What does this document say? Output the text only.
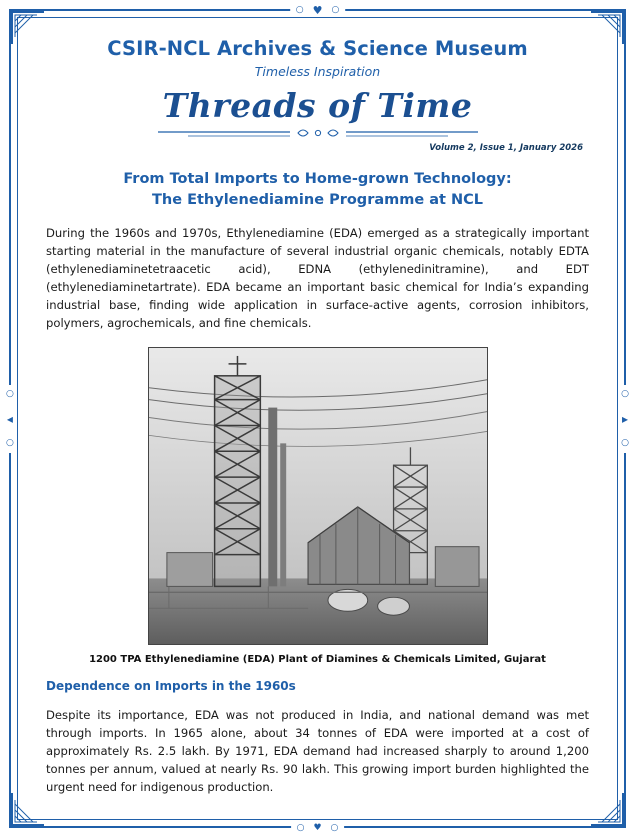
○ ♥ ○
○ ♥ ○
○
◂
○
○
▸
○
CSIR-NCL Archives & Science Museum
Timeless Inspiration
Threads of Time
Volume 2, Issue 1, January 2026
From Total Imports to Home-grown Technology:
The Ethylenediamine Programme at NCL

During the 1960s and 1970s, Ethylenediamine (EDA) emerged as a strategically important starting material in the manufacture of several industrial organic chemicals, notably EDTA (ethylenediaminetetraacetic acid), EDNA (ethylenedinitramine), and EDT (ethylenediaminetartrate). EDA became an important basic chemical for India’s expanding industrial base, finding wide application in surface-active agents, corrosion inhibitors, polymers, agrochemicals, and fine chemicals.

1200 TPA Ethylenediamine (EDA) Plant of Diamines & Chemicals Limited, Gujarat
Dependence on Imports in the 1960s

Despite its importance, EDA was not produced in India, and national demand was met through imports. In 1965 alone, about 34 tonnes of EDA were imported at a cost of approximately Rs. 2.5 lakh. By 1971, EDA demand had increased sharply to around 1,200 tonnes per annum, valued at nearly Rs. 90 lakh. This growing import burden highlighted the urgent need for indigenous production.
